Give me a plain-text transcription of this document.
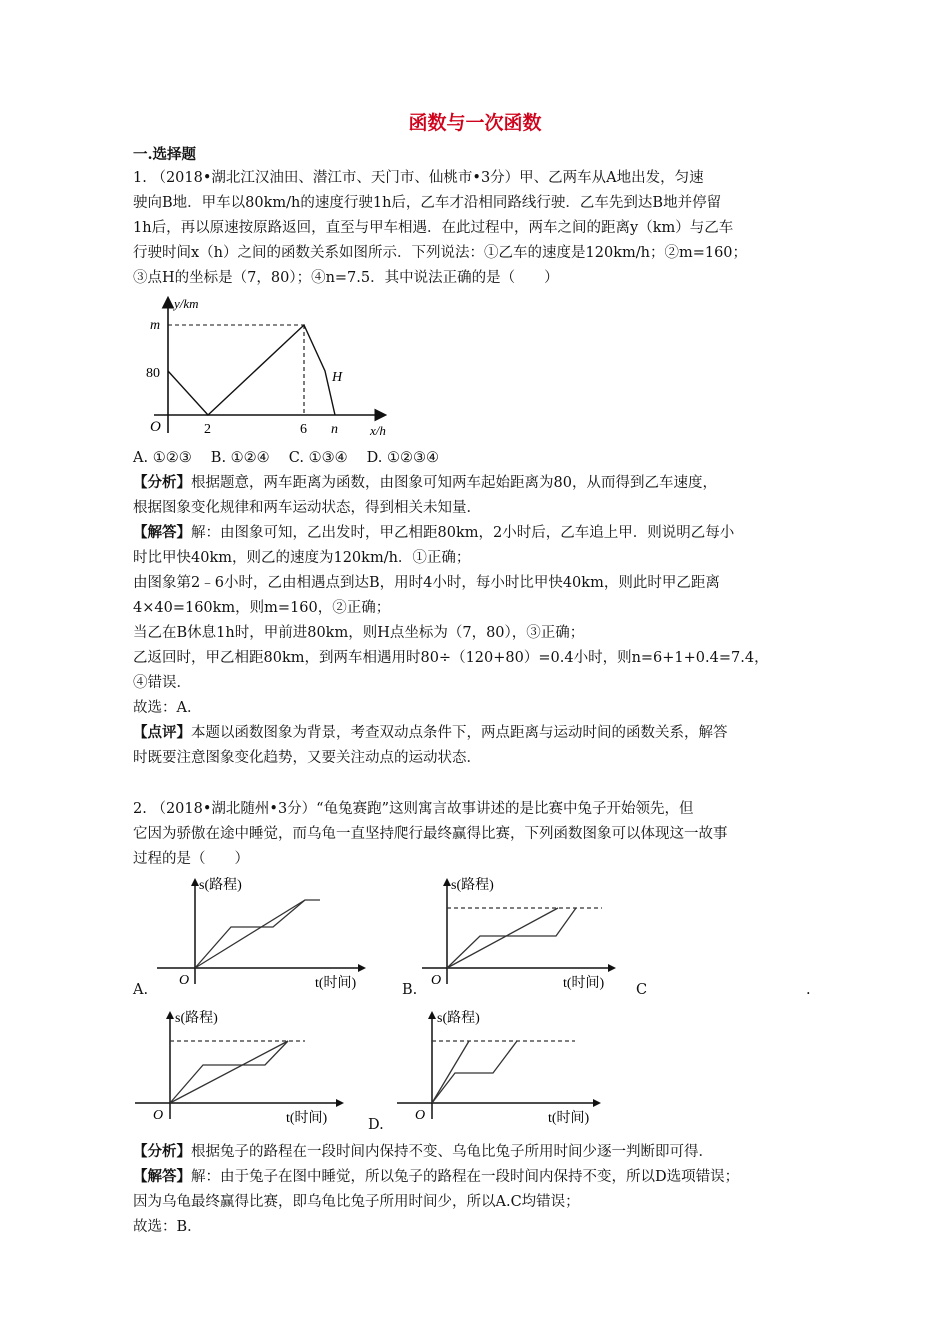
函数与一次函数
一.选择题
1. （2018•湖北江汉油田、潜江市、天门市、仙桃市•3分）甲、乙两车从A地出发，匀速
驶向B地．甲车以80km/h的速度行驶1h后，乙车才沿相同路线行驶．乙车先到达B地并停留
1h后，再以原速按原路返回，直至与甲车相遇．在此过程中，两车之间的距离y（km）与乙车
行驶时间x（h）之间的函数关系如图所示．下列说法：①乙车的速度是120km/h；②m=160；
③点H的坐标是（7，80）；④n=7.5．其中说法正确的是（　　）
y/km
m
80
O	2	6 n
H
x/h
A. ①②③　 B. ①②④　 C. ①③④　 D. ①②③④
【分析】根据题意，两车距离为函数，由图象可知两车起始距离为80，从而得到乙车速度，
根据图象变化规律和两车运动状态，得到相关未知量．
【解答】解：由图象可知，乙出发时，甲乙相距80km，2小时后，乙车追上甲．则说明乙每小
时比甲快40km，则乙的速度为120km/h．①正确；
由图象第2﹣6小时，乙由相遇点到达B，用时4小时，每小时比甲快40km，则此时甲乙距离
4×40=160km，则m=160，②正确；
当乙在B休息1h时，甲前进80km，则H点坐标为（7，80），③正确；
乙返回时，甲乙相距80km，到两车相遇用时80÷（120+80）=0.4小时，则n=6+1+0.4=7.4，
④错误．
故选：A．
【点评】本题以函数图象为背景，考查双动点条件下，两点距离与运动时间的函数关系，解答
时既要注意图象变化趋势，又要关注动点的运动状态．
2. （2018•湖北随州•3分）“龟兔赛跑”这则寓言故事讲述的是比赛中兔子开始领先，但
它因为骄傲在途中睡觉，而乌龟一直坚持爬行最终赢得比赛，下列函数图象可以体现这一故事
过程的是（　　）
s(路程)
O	t(时间)
A.
s(路程)
O	t(时间)
B.	C	.
s(路程)
O	t(时间)
s(路程)
O	t(时间)
D.
【分析】根据兔子的路程在一段时间内保持不变、乌龟比兔子所用时间少逐一判断即可得．
【解答】解：由于兔子在图中睡觉，所以兔子的路程在一段时间内保持不变，所以D选项错误；
因为乌龟最终赢得比赛，即乌龟比兔子所用时间少，所以A.C均错误；
故选：B．
